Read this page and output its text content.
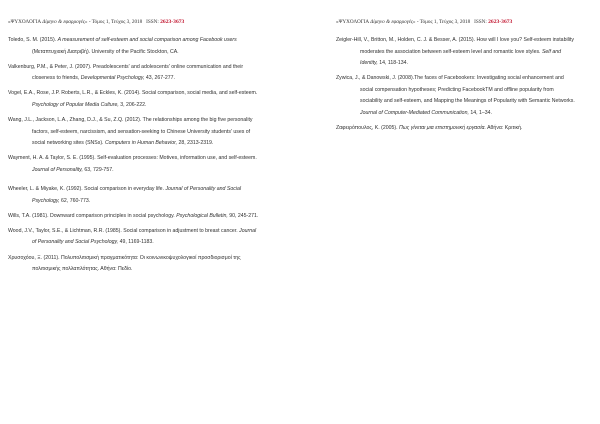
«ΨΥΧΟΛΟΓΙΑ Δίμηνο & εφαρμογές» - Τόμος 1, Τεύχος 3, 2018 ISSN: 2623-3673

Toledo, S. M. (2015). A measurement of self-esteem and social comparison among Facebook users (Μεταπτυχιακή Διατριβή). University of the Pacific Stockton, CA.

Valkenburg, P.M., & Peter, J. (2007). Preadolescents' and adolescents' online communication and their closeness to friends, Developmental Psychology, 43, 267-277.

Vogel, E.A., Rose, J.P. Roberts, L.R., & Eckles, K. (2014). Social comparison, social media, and self-esteem. Psychology of Popular Media Culture, 3, 206-222.

Wang, J.L., Jackson, L.A., Zhang, D.J., & Su, Z.Q. (2012). The relationships among the big five personality factors, self-esteem, narcissism, and sensation-seeking to Chinese University students' uses of social networking sites (SNSs). Computers in Human Behavior, 28, 2313-2319.

Wayment, H. A. & Taylor, S. E. (1995). Self-evaluation processes: Motives, information use, and self-esteem. Journal of Personality, 63, 729-757.

Wheeler, L. & Miyake, K. (1992). Social comparison in everyday life. Journal of Personality and Social Psychology, 62, 760-773.

Wills, T.A. (1981). Downward comparison principles in social psychology. Psychological Bulletin, 90, 245-271.

Wood, J.V., Taylor, S.E., & Lichtman, R.R. (1985). Social comparison in adjustment to breast cancer. Journal of Personality and Social Psychology, 49, 1169-1183.

Χρυσοχόου, Ξ. (2011). Πολυπολιτισμική πραγματικότητα: Οι κοινωνικοψυχολογικοί προσδιορισμοί της πολιτισμικής πολλαπλότητας. Αθήνα: Πεδίο.

«ΨΥΧΟΛΟΓΙΑ Δίμηνο & εφαρμογές» - Τόμος 1, Τεύχος 3, 2018 ISSN: 2623-3673

Zeigler-Hill, V., Britton, M., Holden, C. J. & Besser, A. (2015). How will I love you? Self-esteem instability moderates the association between self-esteem level and romantic love styles. Self and Identity, 14, 118-134.

Zywica, J., & Danowski, J. (2008).The faces of Facebookers: Investigating social enhancement and social compensation hypotheses; Predicting FacebookTM and offline popularity from sociability and self-esteem, and Mapping the Meanings of Popularity with Semantic Networks. Journal of Computer-Mediated Communication, 14, 1–34.

Ζαφειρόπουλος, Κ. (2005). Πως γίνεται μια επιστημονική εργασία. Αθήνα: Κριτική.
